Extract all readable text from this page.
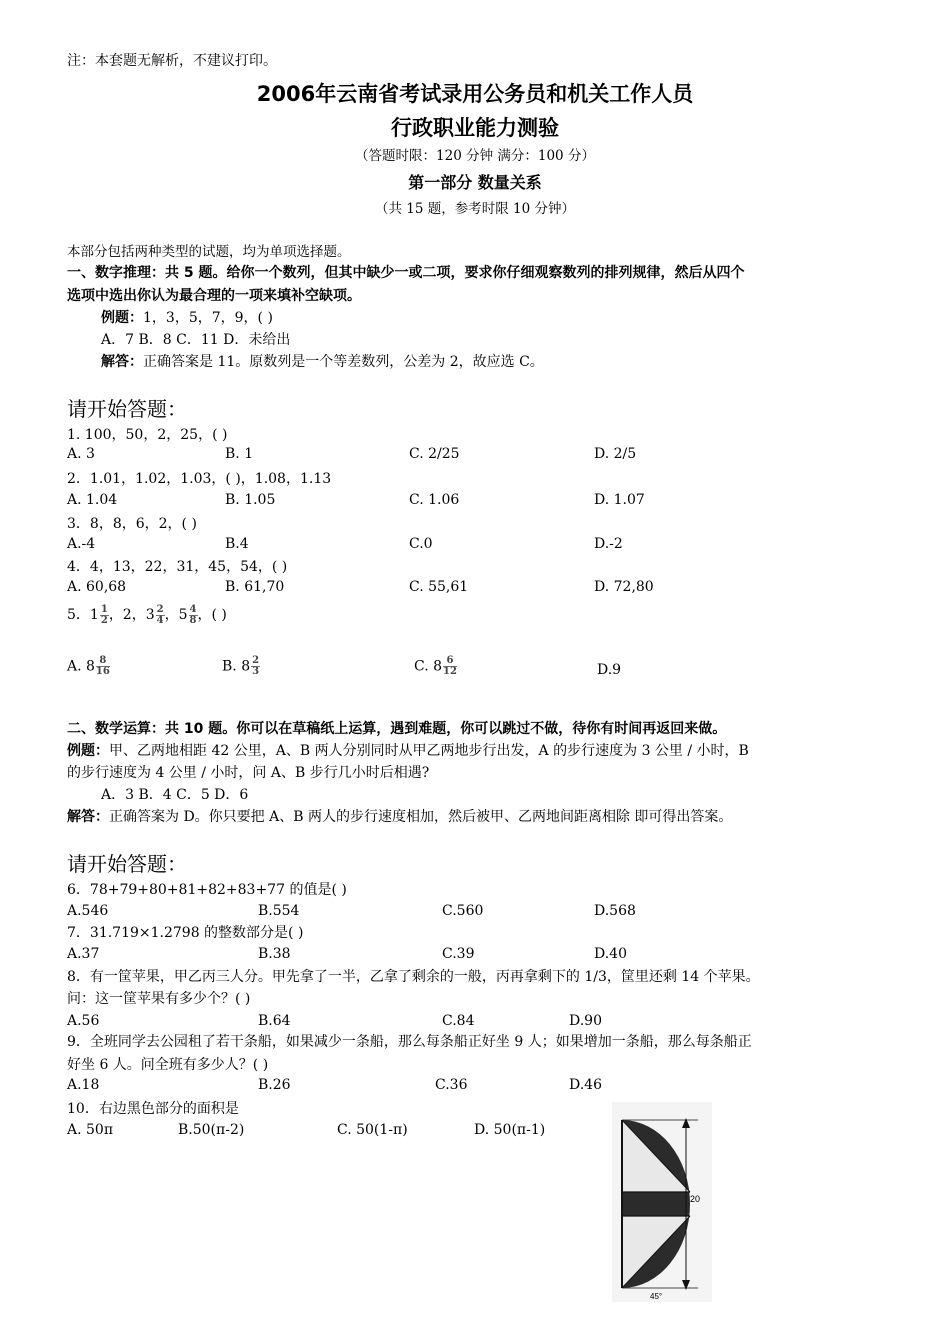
注：本套题无解析，不建议打印。
2006年云南省考试录用公务员和机关工作人员
行政职业能力测验
（答题时限：120 分钟 满分：100 分）
第一部分 数量关系
（共 15 题，参考时限 10 分钟）
本部分包括两种类型的试题，均为单项选择题。
一、数字推理：共 5 题。给你一个数列，但其中缺少一或二项，要求你仔细观察数列的排列规律，然后从四个
选项中选出你认为最合理的一项来填补空缺项。
例题：1，3，5，7，9，( )
A．7 B．8 C．11 D．未给出
解答：正确答案是 11。原数列是一个等差数列，公差为 2，故应选 C。
请开始答题：
1. 100，50，2，25，( )
A. 3	B. 1	C. 2/25	D. 2/5
2．1.01，1.02，1.03，( )，1.08，1.13
A. 1.04	B. 1.05	C. 1.06	D. 1.07
3．8，8，6，2，( )
A.-4	B.4	C.0	D.-2
4．4，13，22，31，45，54，( )
A. 60,68	B. 61,70	C. 55,61	D. 72,80
5．$1 \frac{1}{2}$ ，2，$3 \frac{2}{4}$ ，$5 \frac{4}{8}$ ，( )
A. $8 \frac{8}{16}$	B. $8 \frac{2}{3}$	C. $8 \frac{6}{12}$	D.9
二、数学运算：共 10 题。你可以在草稿纸上运算，遇到难题，你可以跳过不做，待你有时间再返回来做。
例题：甲、乙两地相距 42 公里，A、B 两人分别同时从甲乙两地步行出发，A 的步行速度为 3 公里 / 小时，B
的步行速度为 4 公里 / 小时，问 A、B 步行几小时后相遇?
A．3 B．4 C．5 D．6
解答：正确答案为 D。你只要把 A、B 两人的步行速度相加，然后被甲、乙两地间距离相除 即可得出答案。
请开始答题：
6．78+79+80+81+82+83+77 的值是( )
A.546	B.554	C.560	D.568
7．31.719×1.2798 的整数部分是( )
A.37	B.38	C.39	D.40
8．有一筐苹果，甲乙丙三人分。甲先拿了一半，乙拿了剩余的一般，丙再拿剩下的 1/3，筐里还剩 14 个苹果。
问：这一筐苹果有多少个？( )
A.56	B.64	C.84	D.90
9．全班同学去公园租了若干条船，如果减少一条船，那么每条船正好坐 9 人；如果增加一条船，那么每条船正
好坐 6 人。问全班有多少人？( )
A.18	B.26	C.36	D.46
10．右边黑色部分的面积是
A. 50π	B.50(π-2)	C. 50(1-π)	D. 50(π-1)
20
45°
